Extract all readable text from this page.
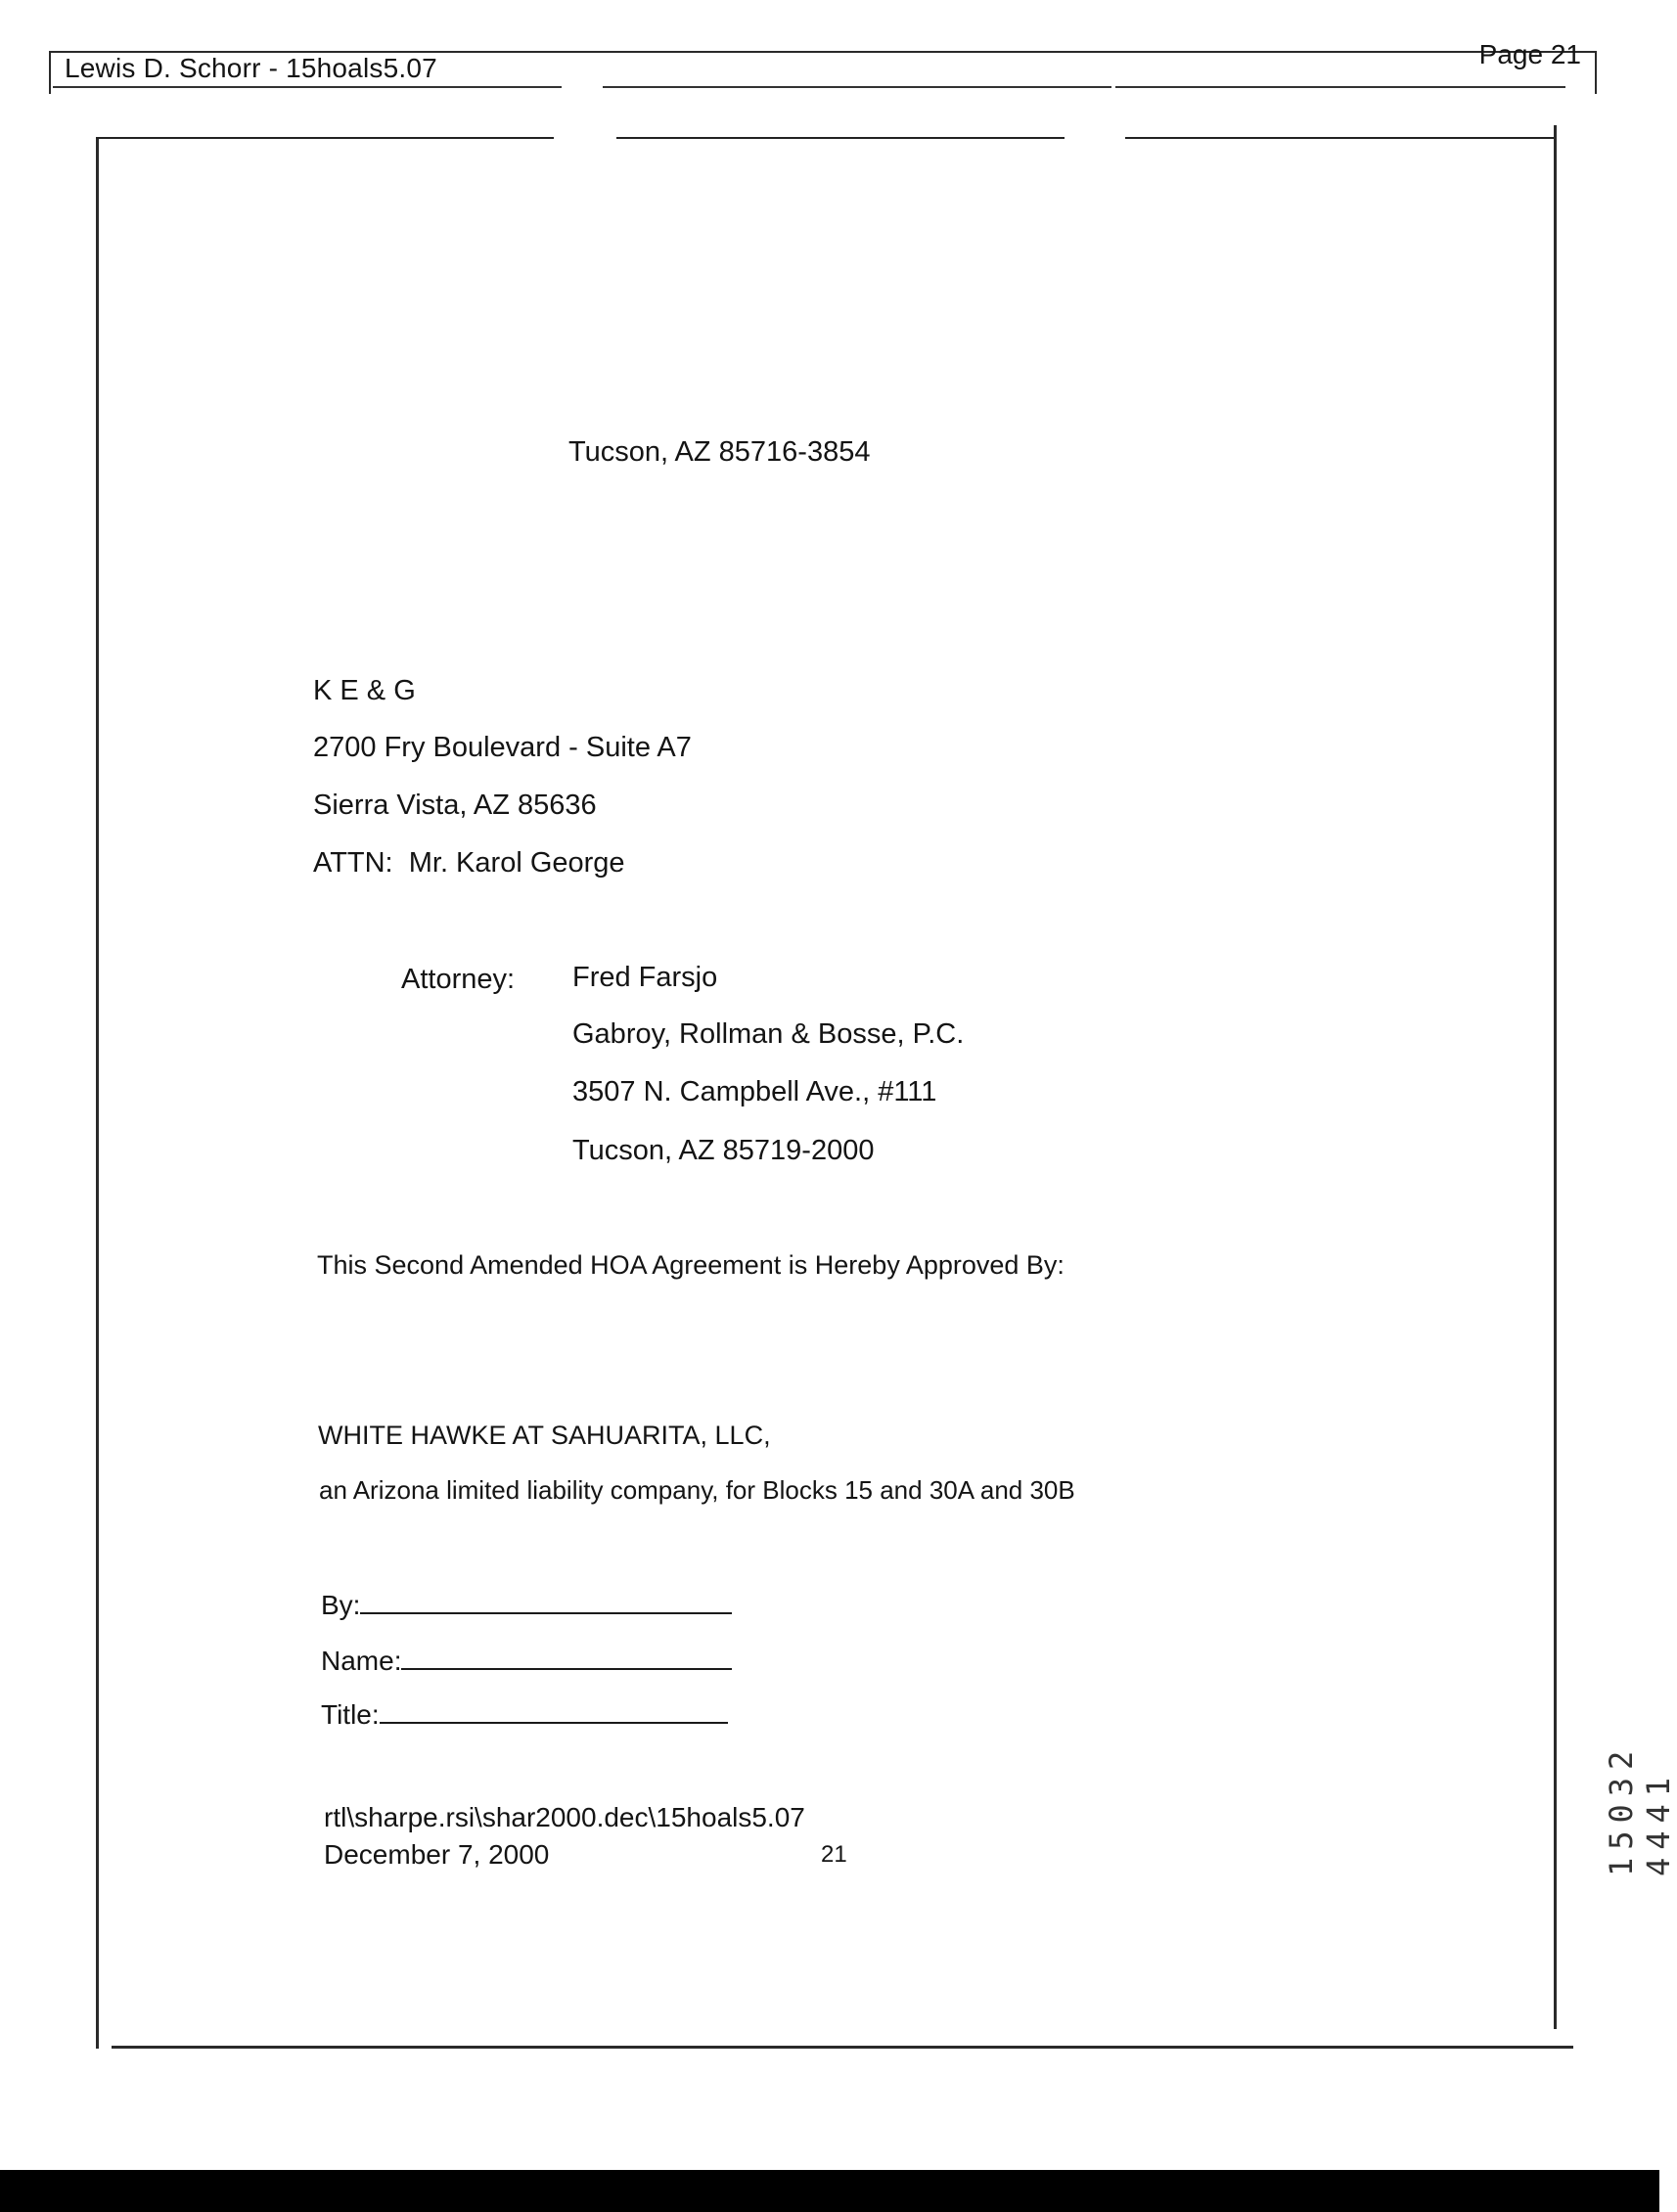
Lewis D. Schorr - 15hoals5.07	Page 21
Tucson, AZ 85716-3854
K E & G
2700 Fry Boulevard - Suite A7
Sierra Vista, AZ 85636
ATTN:  Mr. Karol George
Attorney: Fred Farsjo
Gabroy, Rollman & Bosse, P.C.
3507 N. Campbell Ave., #111
Tucson, AZ 85719-2000
This Second Amended HOA Agreement is Hereby Approved By:
WHITE HAWKE AT SAHUARITA, LLC,
an Arizona limited liability company, for Blocks 15 and 30A and 30B
By:
Name:
Title:
rtl\sharpe.rsi\shar2000.dec\15hoals5.07
December 7, 2000	21	15032 4441
